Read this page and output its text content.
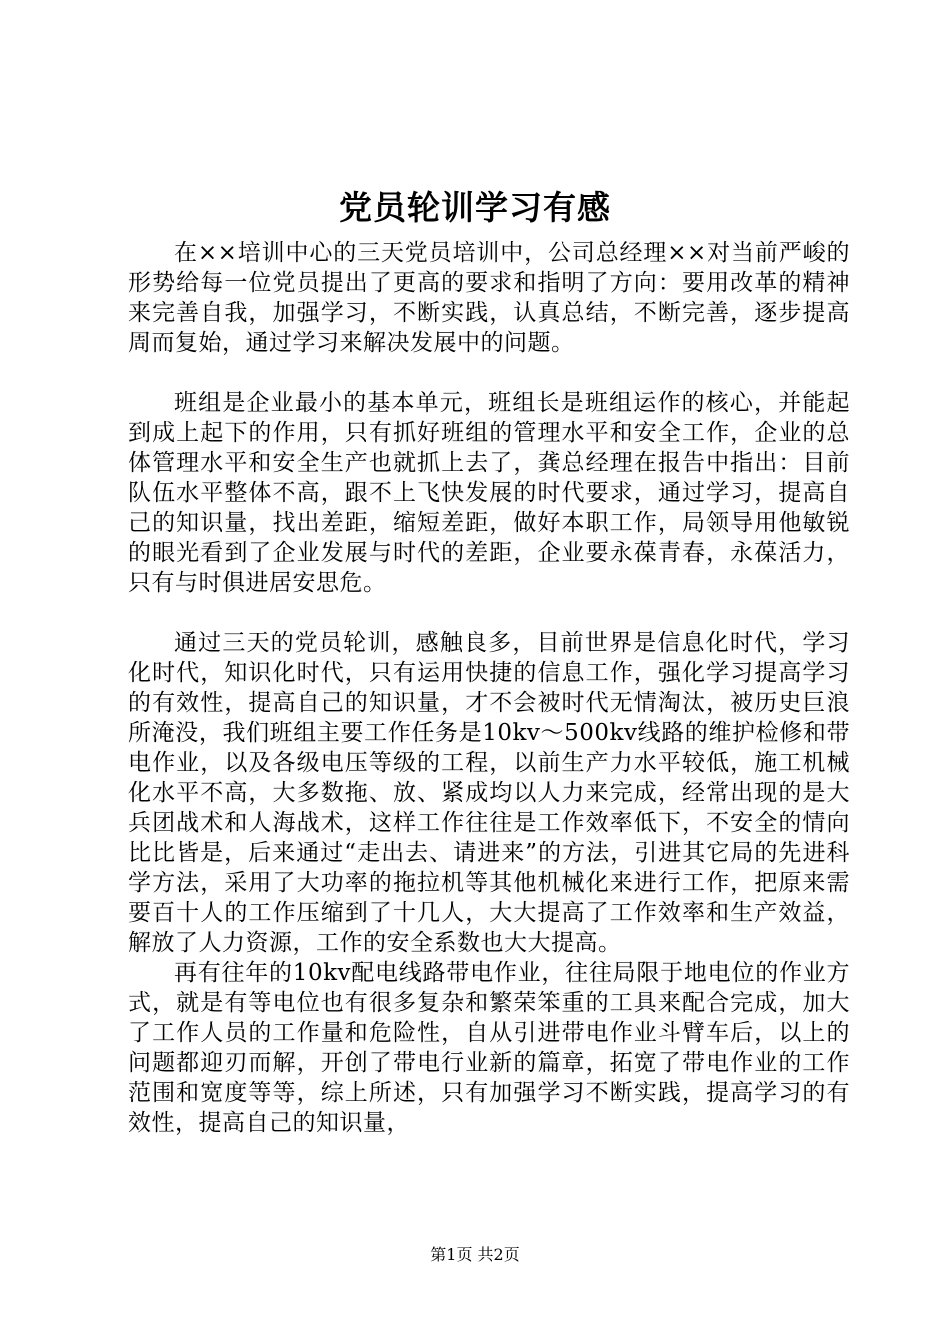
党员轮训学习有感

在××培训中心的三天党员培训中，公司总经理××对当前严峻的形势给每一位党员提出了更高的要求和指明了方向：要用改革的精神来完善自我，加强学习，不断实践，认真总结，不断完善，逐步提高周而复始，通过学习来解决发展中的问题。

班组是企业最小的基本单元，班组长是班组运作的核心，并能起到成上起下的作用，只有抓好班组的管理水平和安全工作，企业的总体管理水平和安全生产也就抓上去了，龚总经理在报告中指出：目前队伍水平整体不高，跟不上飞快发展的时代要求，通过学习，提高自己的知识量，找出差距，缩短差距，做好本职工作，局领导用他敏锐的眼光看到了企业发展与时代的差距，企业要永葆青春，永葆活力，只有与时俱进居安思危。

通过三天的党员轮训，感触良多，目前世界是信息化时代，学习化时代，知识化时代，只有运用快捷的信息工作，强化学习提高学习的有效性，提高自己的知识量，才不会被时代无情淘汰，被历史巨浪所淹没，我们班组主要工作任务是10kv～500kv线路的维护检修和带电作业，以及各级电压等级的工程，以前生产力水平较低，施工机械化水平不高，大多数拖、放、紧成均以人力来完成，经常出现的是大兵团战术和人海战术，这样工作往往是工作效率低下，不安全的情向比比皆是，后来通过“走出去、请进来”的方法，引进其它局的先进科学方法，采用了大功率的拖拉机等其他机械化来进行工作，把原来需要百十人的工作压缩到了十几人，大大提高了工作效率和生产效益，解放了人力资源，工作的安全系数也大大提高。

再有往年的10kv配电线路带电作业，往往局限于地电位的作业方式，就是有等电位也有很多复杂和繁荣笨重的工具来配合完成，加大了工作人员的工作量和危险性，自从引进带电作业斗臂车后，以上的问题都迎刃而解，开创了带电行业新的篇章，拓宽了带电作业的工作范围和宽度等等，综上所述，只有加强学习不断实践，提高学习的有效性，提高自己的知识量，

第1页 共2页
